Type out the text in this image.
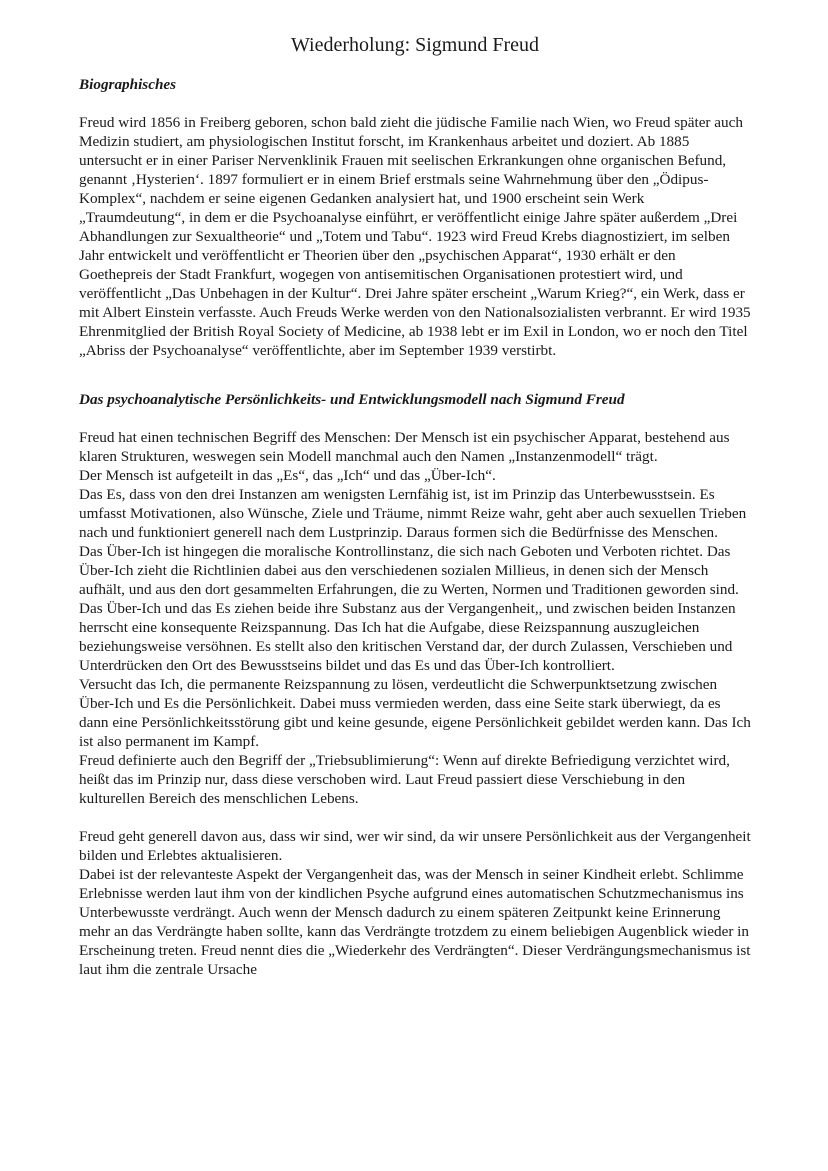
Wiederholung: Sigmund Freud
Biographisches

Freud wird 1856 in Freiberg geboren, schon bald zieht die jüdische Familie nach Wien, wo Freud später auch Medizin studiert, am physiologischen Institut forscht, im Krankenhaus arbeitet und doziert. Ab 1885 untersucht er in einer Pariser Nervenklinik Frauen mit seelischen Erkrankungen ohne organischen Befund, genannt ‚Hysterien‘. 1897 formuliert er in einem Brief erstmals seine Wahrnehmung über den „Ödipus-Komplex“, nachdem er seine eigenen Gedanken analysiert hat, und 1900 erscheint sein Werk „Traumdeutung“, in dem er die Psychoanalyse einführt, er veröffentlicht einige Jahre später außerdem „Drei Abhandlungen zur Sexualtheorie“ und „Totem und Tabu“. 1923 wird Freud Krebs diagnostiziert, im selben Jahr entwickelt und veröffentlicht er Theorien über den „psychischen Apparat“, 1930 erhält er den Goethepreis der Stadt Frankfurt, wogegen von antisemitischen Organisationen protestiert wird, und veröffentlicht „Das Unbehagen in der Kultur“. Drei Jahre später erscheint „Warum Krieg?“, ein Werk, dass er mit Albert Einstein verfasste. Auch Freuds Werke werden von den Nationalsozialisten verbrannt. Er wird 1935 Ehrenmitglied der British Royal Society of Medicine, ab 1938 lebt er im Exil in London, wo er noch den Titel „Abriss der Psychoanalyse“ veröffentlichte, aber im September 1939 verstirbt.

Das psychoanalytische Persönlichkeits- und Entwicklungsmodell nach Sigmund Freud

Freud hat einen technischen Begriff des Menschen: Der Mensch ist ein psychischer Apparat, bestehend aus klaren Strukturen, weswegen sein Modell manchmal auch den Namen „Instanzenmodell“ trägt.

Der Mensch ist aufgeteilt in das „Es“, das „Ich“ und das „Über-Ich“.

Das Es, dass von den drei Instanzen am wenigsten Lernfähig ist, ist im Prinzip das Unterbewusstsein. Es umfasst Motivationen, also Wünsche, Ziele und Träume, nimmt Reize wahr, geht aber auch sexuellen Trieben nach und funktioniert generell nach dem Lustprinzip. Daraus formen sich die Bedürfnisse des Menschen.

Das Über-Ich ist hingegen die moralische Kontrollinstanz, die sich nach Geboten und Verboten richtet. Das Über-Ich zieht die Richtlinien dabei aus den verschiedenen sozialen Millieus, in denen sich der Mensch aufhält, und aus den dort gesammelten Erfahrungen, die zu Werten, Normen und Traditionen geworden sind.

Das Über-Ich und das Es ziehen beide ihre Substanz aus der Vergangenheit,, und zwischen beiden Instanzen herrscht eine konsequente Reizspannung. Das Ich hat die Aufgabe, diese Reizspannung auszugleichen beziehungsweise versöhnen. Es stellt also den kritischen Verstand dar, der durch Zulassen, Verschieben und Unterdrücken den Ort des Bewusstseins bildet und das Es und das Über-Ich kontrolliert.

Versucht das Ich, die permanente Reizspannung zu lösen, verdeutlicht die Schwerpunktsetzung zwischen Über-Ich und Es die Persönlichkeit. Dabei muss vermieden werden, dass eine Seite stark überwiegt, da es dann eine Persönlichkeitsstörung gibt und keine gesunde, eigene Persönlichkeit gebildet werden kann. Das Ich ist also permanent im Kampf.

Freud definierte auch den Begriff der „Triebsublimierung“: Wenn auf direkte Befriedigung verzichtet wird, heißt das im Prinzip nur, dass diese verschoben wird. Laut Freud passiert diese Verschiebung in den kulturellen Bereich des menschlichen Lebens.

Freud geht generell davon aus, dass wir sind, wer wir sind, da wir unsere Persönlichkeit aus der Vergangenheit bilden und Erlebtes aktualisieren.

Dabei ist der relevanteste Aspekt der Vergangenheit das, was der Mensch in seiner Kindheit erlebt. Schlimme Erlebnisse werden laut ihm von der kindlichen Psyche aufgrund eines automatischen Schutzmechanismus ins Unterbewusste verdrängt. Auch wenn der Mensch dadurch zu einem späteren Zeitpunkt keine Erinnerung mehr an das Verdrängte haben sollte, kann das Verdrängte trotzdem zu einem beliebigen Augenblick wieder in Erscheinung treten. Freud nennt dies die „Wiederkehr des Verdrängten“. Dieser Verdrängungsmechanismus ist laut ihm die zentrale Ursache
